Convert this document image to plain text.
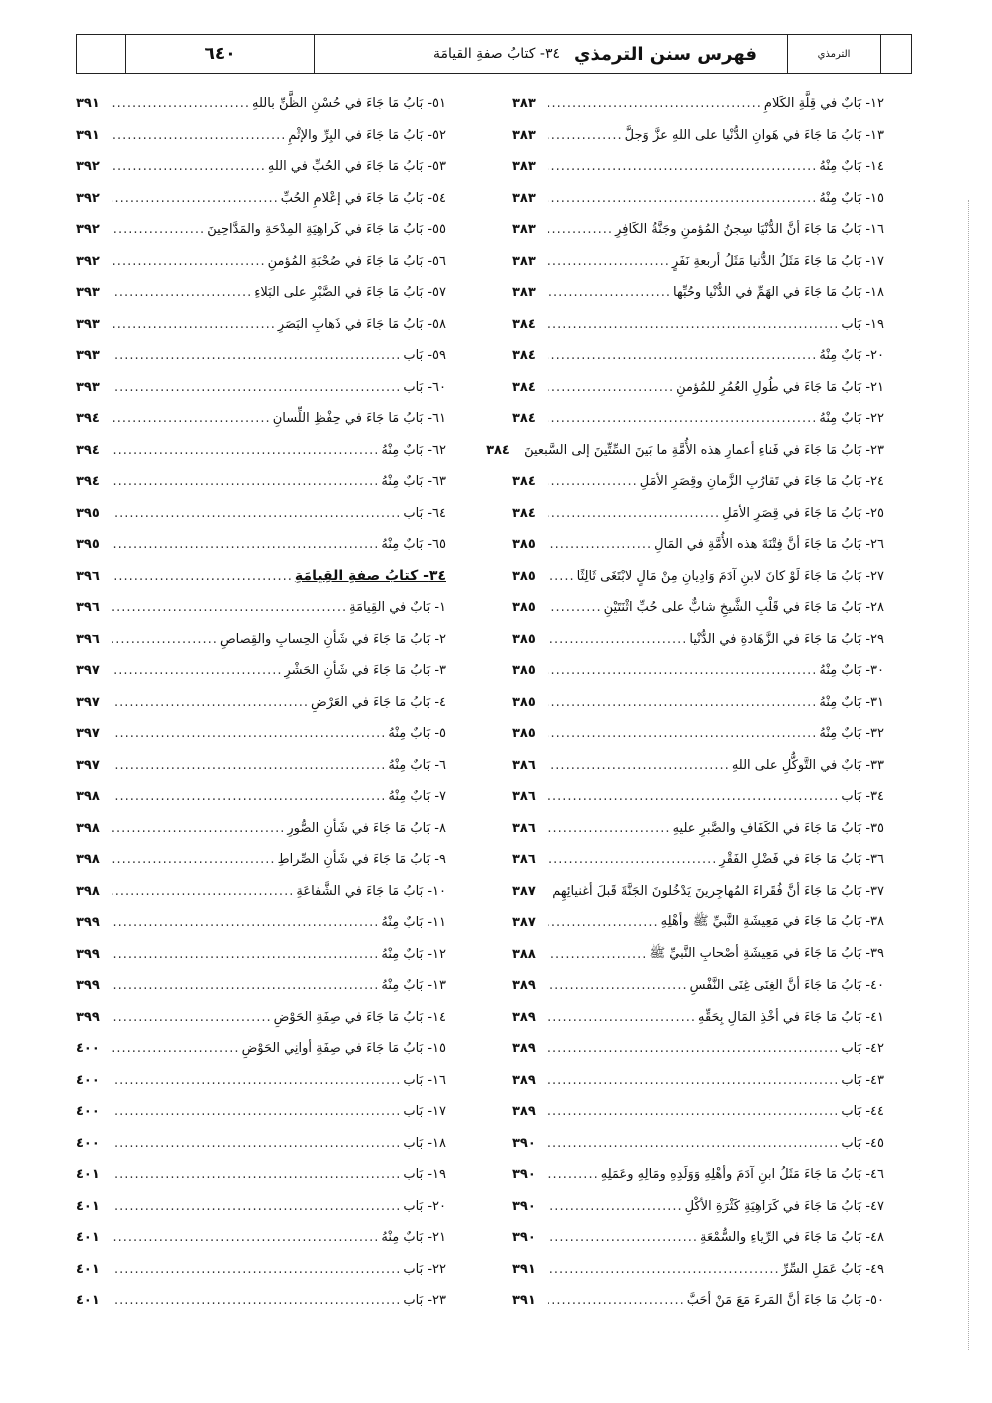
الترمذي
فهرس سنن الترمذي
٣٤- كتابُ صفةِ القيامَة
٦٤٠
١٢- بَابٌ في قِلَّةِ الكَلامِ
.....
٣٨٣
١٣- بَابُ مَا جَاءَ في هَوانِ الدُّنْيا على اللهِ عزَّ وَجلَّ
.....
٣٨٣
١٤- بَابٌ مِنْهُ
.....
٣٨٣
١٥- بَابٌ مِنْهُ
.....
٣٨٣
١٦- بَابُ مَا جَاءَ أنَّ الدُّنْيَا سِجنُ المُؤمنِ وجَنَّةُ الكَافِرِ
.....
٣٨٣
١٧- بَابُ مَا جَاءَ مَثَلُ الدُّنيا مَثَلُ أربعةِ نَفَرٍ
.....
٣٨٣
١٨- بَابُ مَا جَاءَ في الهَمِّ في الدُّنْيا وحُبِّها
.....
٣٨٣
١٩- بَاب
.....
٣٨٤
٢٠- بَابٌ مِنْهُ
.....
٣٨٤
٢١- بَابُ مَا جَاءَ في طُولِ العُمُرِ للمُؤمنِ
.....
٣٨٤
٢٢- بَابٌ مِنْهُ
.....
٣٨٤
٢٣- بَابُ مَا جَاءَ في فَناءِ أعمارِ هذه الأُمَّةِ ما بَينَ السِّتِّينَ إلى السَّبعينَ
٣٨٤
٢٤- بَابُ مَا جَاءَ في تَقارُبِ الزَّمانِ وقِصَرِ الأمَلِ
.....
٣٨٤
٢٥- بَابُ مَا جَاءَ في قِصَرِ الأمَلِ
.....
٣٨٤
٢٦- بَابُ مَا جَاءَ أنَّ فِتْنَةَ هذه الأُمَّةِ في المَالِ
.....
٣٨٥
٢٧- بَابُ مَا جَاءَ لَوْ كانَ لابنِ آدَمَ وَادِيانِ مِنْ مَالٍ لابْتَغَى ثَالِثًا
.....
٣٨٥
٢٨- بَابُ مَا جَاءَ في قَلْبِ الشَّيخِ شابٌّ على حُبِّ اثْنَتَيْنِ
.....
٣٨٥
٢٩- بَابُ مَا جَاءَ في الزَّهَادةِ في الدُّنْيا
.....
٣٨٥
٣٠- بَابٌ مِنْهُ
.....
٣٨٥
٣١- بَابٌ مِنْهُ
.....
٣٨٥
٣٢- بَابٌ مِنْهُ
.....
٣٨٥
٣٣- بَابٌ في التَّوكُّلِ على اللهِ
.....
٣٨٦
٣٤- بَاب
.....
٣٨٦
٣٥- بَابُ مَا جَاءَ في الكَفَافِ والصَّبرِ عليهِ
.....
٣٨٦
٣٦- بَابُ مَا جَاءَ في فَضْلِ الفَقْرِ
.....
٣٨٦
٣٧- بَابُ مَا جَاءَ أنَّ فُقَراءَ المُهاجِرينَ يَدْخُلونَ الجَنَّةَ قَبلَ أغنيائِهِم
.....
٣٨٧
٣٨- بَابُ مَا جَاءَ في مَعِيشَةِ النَّبيِّ ﷺ وأهْلِهِ
.....
٣٨٧
٣٩- بَابُ مَا جَاءَ في مَعِيشَةِ أصْحابِ النَّبيِّ ﷺ
.....
٣٨٨
٤٠- بَابُ مَا جَاءَ أنَّ الغِنَى غِنَى النَّفْسِ
.....
٣٨٩
٤١- بَابُ مَا جَاءَ في أخْذِ المَالِ بِحَقِّهِ
.....
٣٨٩
٤٢- بَاب
.....
٣٨٩
٤٣- بَاب
.....
٣٨٩
٤٤- بَاب
.....
٣٨٩
٤٥- بَاب
.....
٣٩٠
٤٦- بَابُ مَا جَاءَ مَثَلُ ابنِ آدَمَ وأهْلِهِ وَوَلَدِهِ ومَالِهِ وعَمَلِهِ
.....
٣٩٠
٤٧- بَابُ مَا جَاءَ في كَرَاهِيَةِ كَثْرَةِ الأكْلِ
.....
٣٩٠
٤٨- بَابُ مَا جَاءَ في الرِّياءِ والسُّمْعَةِ
.....
٣٩٠
٤٩- بَابُ عَمَلِ السِّرِّ
.....
٣٩١
٥٠- بَابُ مَا جَاءَ أنَّ المَرءَ مَعَ مَنْ أحَبَّ
.....
٣٩١
٥١- بَابُ مَا جَاءَ في حُسْنِ الظَّنِّ باللهِ
.....
٣٩١
٥٢- بَابُ مَا جَاءَ في البِرِّ والإثْمِ
.....
٣٩١
٥٣- بَابُ مَا جَاءَ في الحُبِّ في اللهِ
.....
٣٩٢
٥٤- بَابُ مَا جَاءَ في إعْلامِ الحُبِّ
.....
٣٩٢
٥٥- بَابُ مَا جَاءَ في كَراهِيَةِ المِدْحَةِ والمَدَّاحِينَ
.....
٣٩٢
٥٦- بَابُ مَا جَاءَ في صُحْبَةِ المُؤمنِ
.....
٣٩٢
٥٧- بَابُ مَا جَاءَ في الصَّبْرِ على البَلاءِ
.....
٣٩٣
٥٨- بَابُ مَا جَاءَ في ذَهابِ البَصَرِ
.....
٣٩٣
٥٩- بَاب
.....
٣٩٣
٦٠- بَاب
.....
٣٩٣
٦١- بَابُ مَا جَاءَ في حِفْظِ اللِّسانِ
.....
٣٩٤
٦٢- بَابٌ مِنْهُ
.....
٣٩٤
٦٣- بَابٌ مِنْهُ
.....
٣٩٤
٦٤- بَاب
.....
٣٩٥
٦٥- بَابٌ مِنْهُ
.....
٣٩٥
٣٤- كتابُ صفةِ القِيامَةِ
.....
٣٩٦
١- بَابٌ في القِيامَةِ
.....
٣٩٦
٢- بَابُ مَا جَاءَ في شَأنِ الحِسابِ والقِصاصِ
.....
٣٩٦
٣- بَابُ مَا جَاءَ في شَأنِ الحَشْرِ
.....
٣٩٧
٤- بَابُ مَا جَاءَ في العَرْضِ
.....
٣٩٧
٥- بَابٌ مِنْهُ
.....
٣٩٧
٦- بَابٌ مِنْهُ
.....
٣٩٧
٧- بَابٌ مِنْهُ
.....
٣٩٨
٨- بَابُ مَا جَاءَ في شَأنِ الصُّورِ
.....
٣٩٨
٩- بَابُ مَا جَاءَ في شَأنِ الصِّراطِ
.....
٣٩٨
١٠- بَابُ مَا جَاءَ في الشَّفاعَةِ
.....
٣٩٨
١١- بَابٌ مِنْهُ
.....
٣٩٩
١٢- بَابٌ مِنْهُ
.....
٣٩٩
١٣- بَابٌ مِنْهُ
.....
٣٩٩
١٤- بَابُ مَا جَاءَ في صِفَةِ الحَوْضِ
.....
٣٩٩
١٥- بَابُ مَا جَاءَ في صِفَةِ أوانِي الحَوْضِ
.....
٤٠٠
١٦- بَاب
.....
٤٠٠
١٧- بَاب
.....
٤٠٠
١٨- بَاب
.....
٤٠٠
١٩- بَاب
.....
٤٠١
٢٠- بَاب
.....
٤٠١
٢١- بَابٌ مِنْهُ
.....
٤٠١
٢٢- بَاب
.....
٤٠١
٢٣- بَاب
.....
٤٠١
